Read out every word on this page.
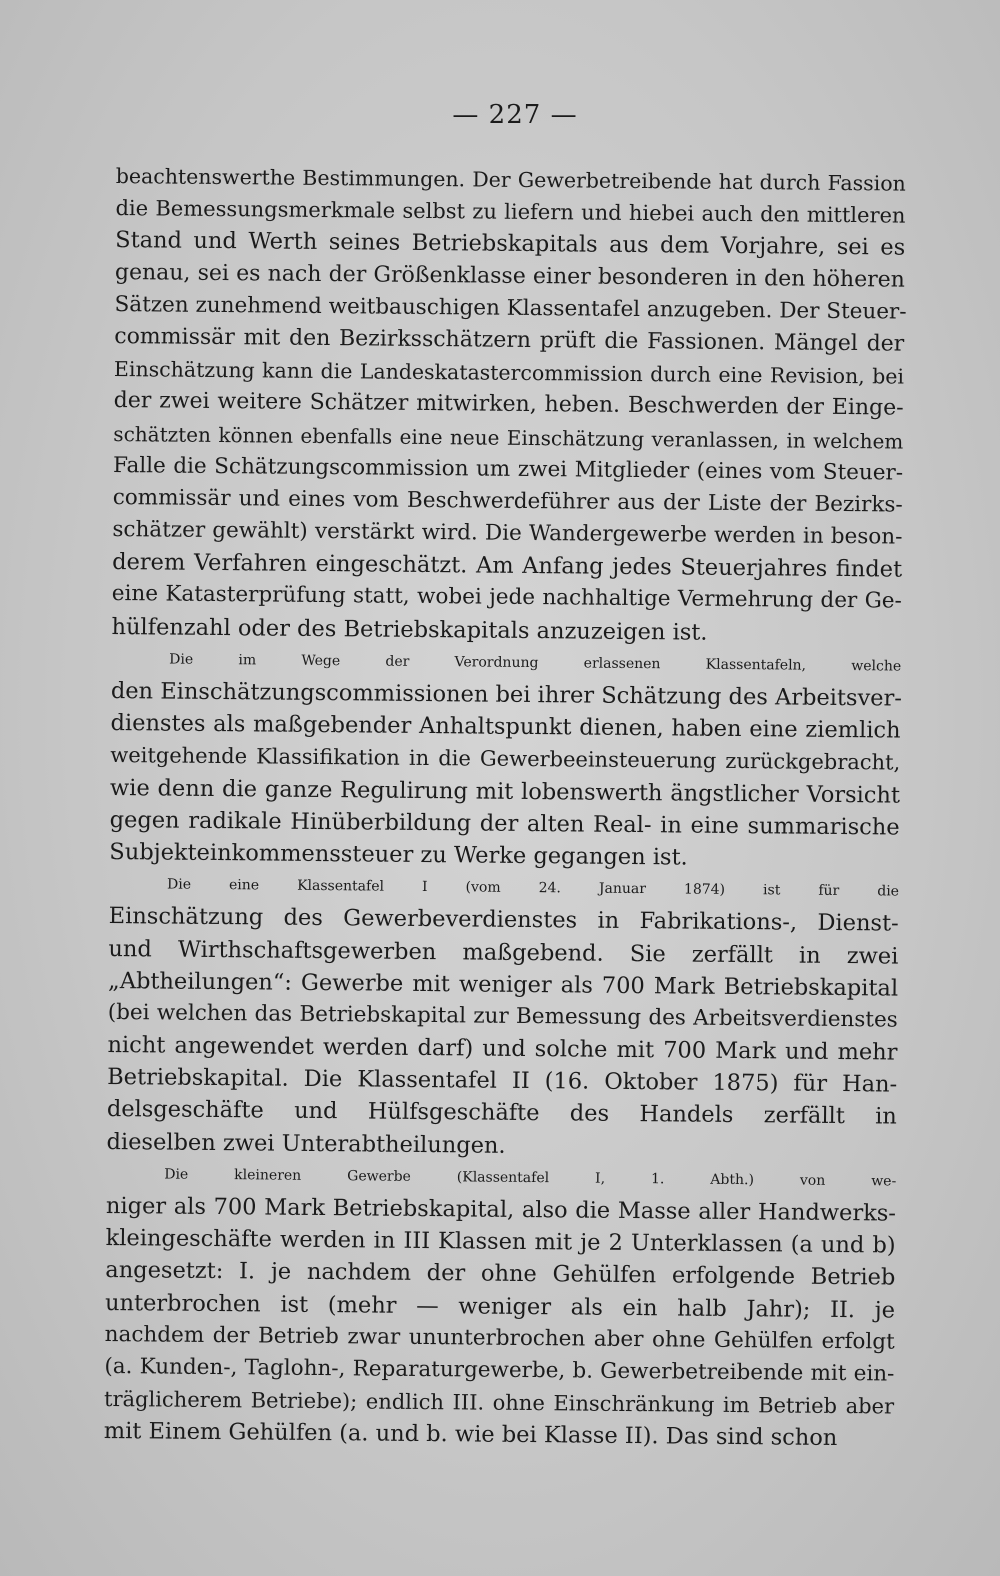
— 227 —
beachtenswerthe Bestimmungen. Der Gewerbetreibende hat durch Fassion
die Bemessungsmerkmale selbst zu liefern und hiebei auch den mittleren
Stand und Werth seines Betriebskapitals aus dem Vorjahre, sei es
genau, sei es nach der Größenklasse einer besonderen in den höheren
Sätzen zunehmend weitbauschigen Klassentafel anzugeben. Der Steuer-
commissär mit den Bezirksschätzern prüft die Fassionen. Mängel der
Einschätzung kann die Landeskatastercommission durch eine Revision, bei
der zwei weitere Schätzer mitwirken, heben. Beschwerden der Einge-
schätzten können ebenfalls eine neue Einschätzung veranlassen, in welchem
Falle die Schätzungscommission um zwei Mitglieder (eines vom Steuer-
commissär und eines vom Beschwerdeführer aus der Liste der Bezirks-
schätzer gewählt) verstärkt wird. Die Wandergewerbe werden in beson-
derem Verfahren eingeschätzt. Am Anfang jedes Steuerjahres findet
eine Katasterprüfung statt, wobei jede nachhaltige Vermehrung der Ge-
hülfenzahl oder des Betriebskapitals anzuzeigen ist.
Die im Wege der Verordnung erlassenen Klassentafeln, welche
den Einschätzungscommissionen bei ihrer Schätzung des Arbeitsver-
dienstes als maßgebender Anhaltspunkt dienen, haben eine ziemlich
weitgehende Klassifikation in die Gewerbeeinsteuerung zurückgebracht,
wie denn die ganze Regulirung mit lobenswerth ängstlicher Vorsicht
gegen radikale Hinüberbildung der alten Real- in eine summarische
Subjekteinkommenssteuer zu Werke gegangen ist.
Die eine Klassentafel I (vom 24. Januar 1874) ist für die
Einschätzung des Gewerbeverdienstes in Fabrikations-, Dienst-
und Wirthschaftsgewerben maßgebend. Sie zerfällt in zwei
„Abtheilungen“: Gewerbe mit weniger als 700 Mark Betriebskapital
(bei welchen das Betriebskapital zur Bemessung des Arbeitsverdienstes
nicht angewendet werden darf) und solche mit 700 Mark und mehr
Betriebskapital. Die Klassentafel II (16. Oktober 1875) für Han-
delsgeschäfte und Hülfsgeschäfte des Handels zerfällt in
dieselben zwei Unterabtheilungen.
Die kleineren Gewerbe (Klassentafel I, 1. Abth.) von we-
niger als 700 Mark Betriebskapital, also die Masse aller Handwerks-
kleingeschäfte werden in III Klassen mit je 2 Unterklassen (a und b)
angesetzt: I. je nachdem der ohne Gehülfen erfolgende Betrieb
unterbrochen ist (mehr — weniger als ein halb Jahr); II. je
nachdem der Betrieb zwar ununterbrochen aber ohne Gehülfen erfolgt
(a. Kunden-, Taglohn-, Reparaturgewerbe, b. Gewerbetreibende mit ein-
träglicherem Betriebe); endlich III. ohne Einschränkung im Betrieb aber
mit Einem Gehülfen (a. und b. wie bei Klasse II). Das sind schon
